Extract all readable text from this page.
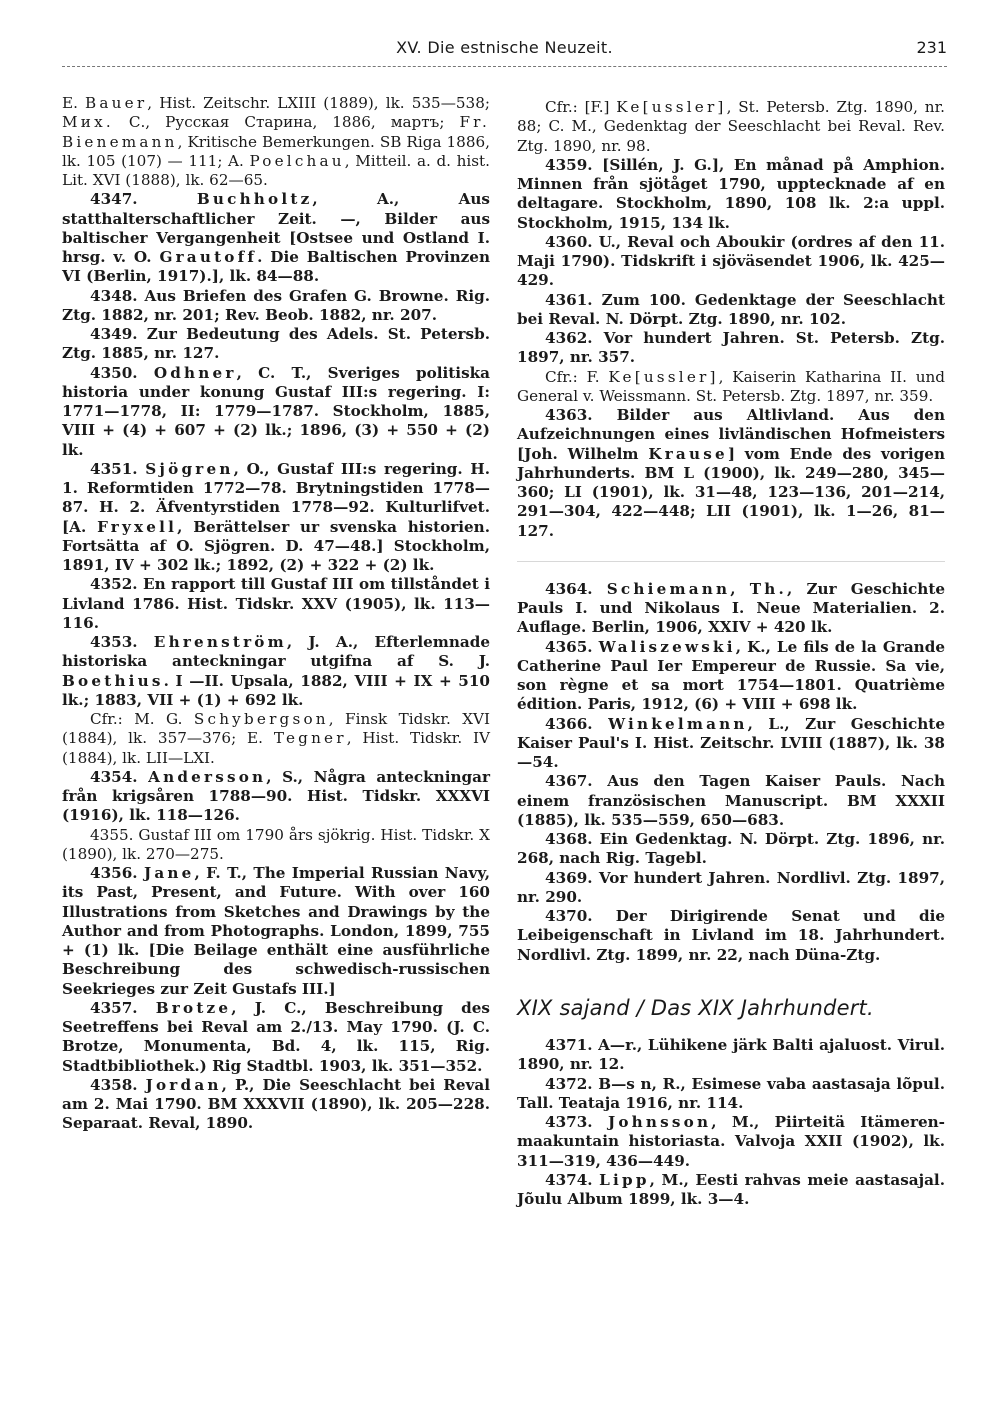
XV. Die estnische Neuzeit.	231

E. Bauer, Hist. Zeitschr. LXIII (1889), lk. 535—538; Мих. С., Русская Старина, 1886, мартъ; Fr. Bienemann, Kritische Bemerkungen. SB Riga 1886, lk. 105 (107) — 111; A. Poelchau, Mitteil. a. d. hist. Lit. XVI (1888), lk. 62—65.

4347. Buchholtz, A., Aus statthalterschaftlicher Zeit. —, Bilder aus baltischer Vergangenheit [Ostsee und Ostland I. hrsg. v. O. Grautoff. Die Baltischen Provinzen VI (Berlin, 1917).], lk. 84—88.

4348. Aus Briefen des Grafen G. Browne. Rig. Ztg. 1882, nr. 201; Rev. Beob. 1882, nr. 207.

4349. Zur Bedeutung des Adels. St. Petersb. Ztg. 1885, nr. 127.

4350. Odhner, C. T., Sveriges politiska historia under konung Gustaf III:s regering. I: 1771—1778, II: 1779—1787. Stockholm, 1885, VIII + (4) + 607 + (2) lk.; 1896, (3) + 550 + (2) lk.

4351. Sjögren, O., Gustaf III:s regering. H. 1. Reformtiden 1772—78. Brytningstiden 1778—87. H. 2. Äfventyrstiden 1778—92. Kulturlifvet. [A. Fryxell, Berättelser ur svenska historien. Fortsätta af O. Sjögren. D. 47—48.] Stockholm, 1891, IV + 302 lk.; 1892, (2) + 322 + (2) lk.

4352. En rapport till Gustaf III om tillståndet i Livland 1786. Hist. Tidskr. XXV (1905), lk. 113—116.

4353. Ehrenström, J. A., Efterlemnade historiska anteckningar utgifna af S. J. Boethius. I —II. Upsala, 1882, VIII + IX + 510 lk.; 1883, VII + (1) + 692 lk.

Cfr.: M. G. Schybergson, Finsk Tidskr. XVI (1884), lk. 357—376; E. Tegner, Hist. Tidskr. IV (1884), lk. LII—LXI.

4354. Andersson, S., Några anteckningar från krigsåren 1788—90. Hist. Tidskr. XXXVI (1916), lk. 118—126.

4355. Gustaf III om 1790 års sjökrig. Hist. Tidskr. X (1890), lk. 270—275.

4356. Jane, F. T., The Imperial Russian Navy, its Past, Present, and Future. With over 160 Illustrations from Sketches and Drawings by the Author and from Photographs. London, 1899, 755 + (1) lk. [Die Beilage enthält eine ausführliche Beschreibung des schwedisch-russischen Seekrieges zur Zeit Gustafs III.]

4357. Brotze, J. C., Beschreibung des Seetreffens bei Reval am 2./13. May 1790. (J. C. Brotze, Monumenta, Bd. 4, lk. 115, Rig. Stadtbibliothek.) Rig Stadtbl. 1903, lk. 351—352.

4358. Jordan, P., Die Seeschlacht bei Reval am 2. Mai 1790. BM XXXVII (1890), lk. 205—228. Separaat. Reval, 1890.

Cfr.: [F.] Ke[ussler], St. Petersb. Ztg. 1890, nr. 88; C. M., Gedenktag der Seeschlacht bei Reval. Rev. Ztg. 1890, nr. 98.

4359. [Sillén, J. G.], En månad på Amphion. Minnen från sjötåget 1790, upptecknade af en deltagare. Stockholm, 1890, 108 lk. 2:a uppl. Stockholm, 1915, 134 lk.

4360. U., Reval och Aboukir (ordres af den 11. Maji 1790). Tidskrift i sjöväsendet 1906, lk. 425—429.

4361. Zum 100. Gedenktage der Seeschlacht bei Reval. N. Dörpt. Ztg. 1890, nr. 102.

4362. Vor hundert Jahren. St. Petersb. Ztg. 1897, nr. 357.

Cfr.: F. Ke[ussler], Kaiserin Katharina II. und General v. Weissmann. St. Petersb. Ztg. 1897, nr. 359.

4363. Bilder aus Altlivland. Aus den Aufzeichnungen eines livländischen Hofmeisters [Joh. Wilhelm Krause] vom Ende des vorigen Jahrhunderts. BM L (1900), lk. 249—280, 345—360; LI (1901), lk. 31—48, 123—136, 201—214, 291—304, 422—448; LII (1901), lk. 1—26, 81—127.

4364. Schiemann, Th., Zur Geschichte Pauls I. und Nikolaus I. Neue Materialien. 2. Auflage. Berlin, 1906, XXIV + 420 lk.

4365. Waliszewski, K., Le fils de la Grande Catherine Paul Ier Empereur de Russie. Sa vie, son règne et sa mort 1754—1801. Quatrième édition. Paris, 1912, (6) + VIII + 698 lk.

4366. Winkelmann, L., Zur Geschichte Kaiser Paul's I. Hist. Zeitschr. LVIII (1887), lk. 38—54.

4367. Aus den Tagen Kaiser Pauls. Nach einem französischen Manuscript. BM XXXII (1885), lk. 535—559, 650—683.

4368. Ein Gedenktag. N. Dörpt. Ztg. 1896, nr. 268, nach Rig. Tagebl.

4369. Vor hundert Jahren. Nordlivl. Ztg. 1897, nr. 290.

4370. Der Dirigirende Senat und die Leibeigenschaft in Livland im 18. Jahrhundert. Nordlivl. Ztg. 1899, nr. 22, nach Düna-Ztg.

XIX sajand / Das XIX Jahrhundert.

4371. A—r., Lühikene järk Balti ajaluost. Virul. 1890, nr. 12.

4372. B—s n, R., Esimese vaba aastasaja lõpul. Tall. Teataja 1916, nr. 114.

4373. Johnsson, M., Piirteitä Itämeren-maakuntain historiasta. Valvoja XXII (1902), lk. 311—319, 436—449.

4374. Lipp, M., Eesti rahvas meie aastasajal. Jõulu Album 1899, lk. 3—4.
